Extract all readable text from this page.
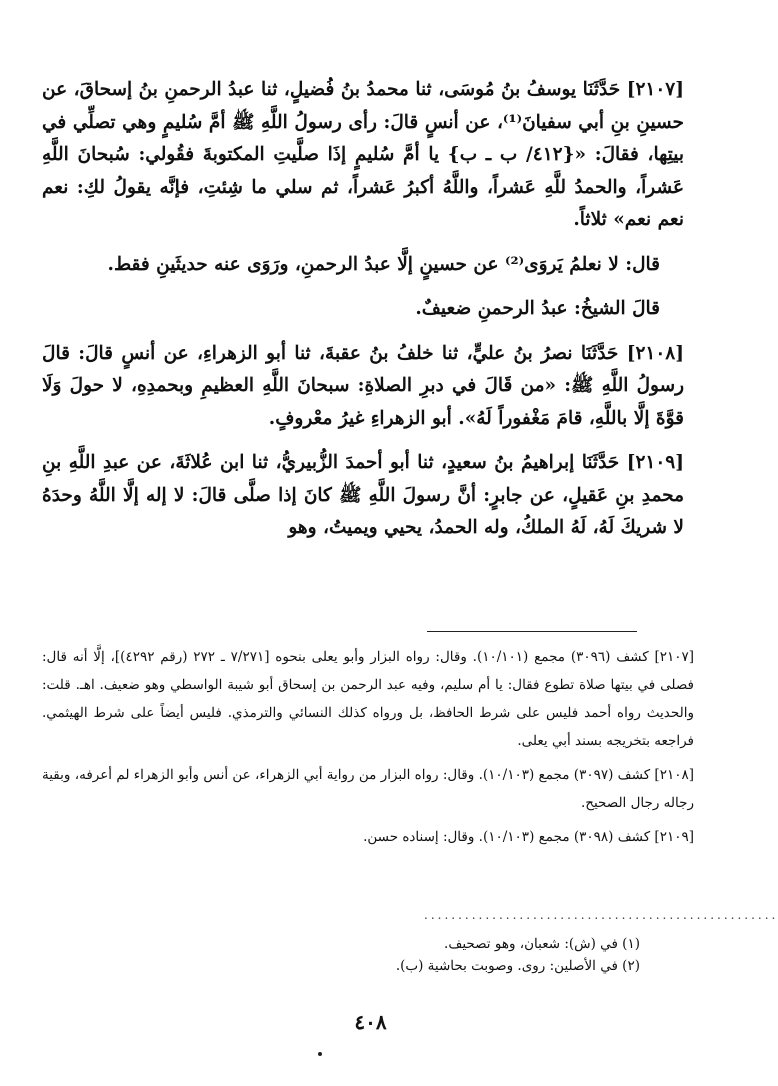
[٢١٠٧] حَدَّثَنَا يوسفُ بنُ مُوسَى، ثنا محمدُ بنُ فُضيلٍ، ثنا عبدُ الرحمنِ بنُ إسحاقَ، عن حسينِ بنِ أبي سفيانَ⁽¹⁾، عن أنسٍ قالَ: رأى رسولُ اللَّهِ ﷺ أمَّ سُليمٍ وهي تصلِّي في بيتِها، فقالَ: «{٤١٢/ ب ـ ب} يا أمَّ سُليمٍ إذَا صلَّيتِ المكتوبةَ فقُولي: سُبحانَ اللَّهِ عَشراً، والحمدُ للَّهِ عَشراً، واللَّهُ أكبرُ عَشراً، ثم سلي ما شِئتِ، فإنَّه يقولُ لكِ: نعم نعم نعم» ثلاثاً.

قال: لا نعلمُ يَروَى⁽²⁾ عن حسينٍ إلَّا عبدُ الرحمنِ، ورَوَى عنه حديثَينِ فقط.

قالَ الشيخُ: عبدُ الرحمنِ ضعيفٌ.

[٢١٠٨] حَدَّثَنَا نصرُ بنُ عليٍّ، ثنا خلفُ بنُ عقبةَ، ثنا أبو الزهراءِ، عن أنسٍ قالَ: قالَ رسولُ اللَّهِ ﷺ: «من قَالَ في دبرِ الصلاةِ: سبحانَ اللَّهِ العظيمِ وبحمدِهِ، لا حولَ وَلَا قوَّةَ إلَّا باللَّهِ، قامَ مَغْفوراً لَهُ». أبو الزهراءِ غيرُ معْروفٍ.

[٢١٠٩] حَدَّثَنَا إبراهيمُ بنُ سعيدٍ، ثنا أبو أحمدَ الزُّبيريُّ، ثنا ابن عُلاثَةَ، عن عبدِ اللَّهِ بنِ محمدِ بنِ عَقيلٍ، عن جابرٍ: أنَّ رسولَ اللَّهِ ﷺ كانَ إذا صلَّى قالَ: لا إله إلَّا اللَّهُ وحدَهُ لا شريكَ لَهُ، لَهُ الملكُ، وله الحمدُ، يحيي ويميتُ، وهو

[٢١٠٧] كشف (٣٠٩٦) مجمع (١٠/١٠١). وقال: رواه البزار وأبو يعلى بنحوه [٧/٢٧١ ـ ٢٧٢ (رقم ٤٢٩٢)]، إلَّا أنه قال: فصلى في بيتها صلاة تطوع فقال: يا أم سليم، وفيه عبد الرحمن بن إسحاق أبو شيبة الواسطي وهو ضعيف. اهـ. قلت: والحديث رواه أحمد فليس على شرط الحافظ، بل ورواه كذلك النسائي والترمذي. فليس أيضاً على شرط الهيثمي. فراجعه بتخريجه بسند أبي يعلى.

[٢١٠٨] كشف (٣٠٩٧) مجمع (١٠/١٠٣). وقال: رواه البزار من رواية أبي الزهراء، عن أنس وأبو الزهراء لم أعرفه، وبقية رجاله رجال الصحيح.

[٢١٠٩] كشف (٣٠٩٨) مجمع (١٠/١٠٣). وقال: إسناده حسن.

....................................................

(١) في (ش): شعبان، وهو تصحيف.

(٢) في الأصلين: روى. وصوبت بحاشية (ب).

٤٠٨
